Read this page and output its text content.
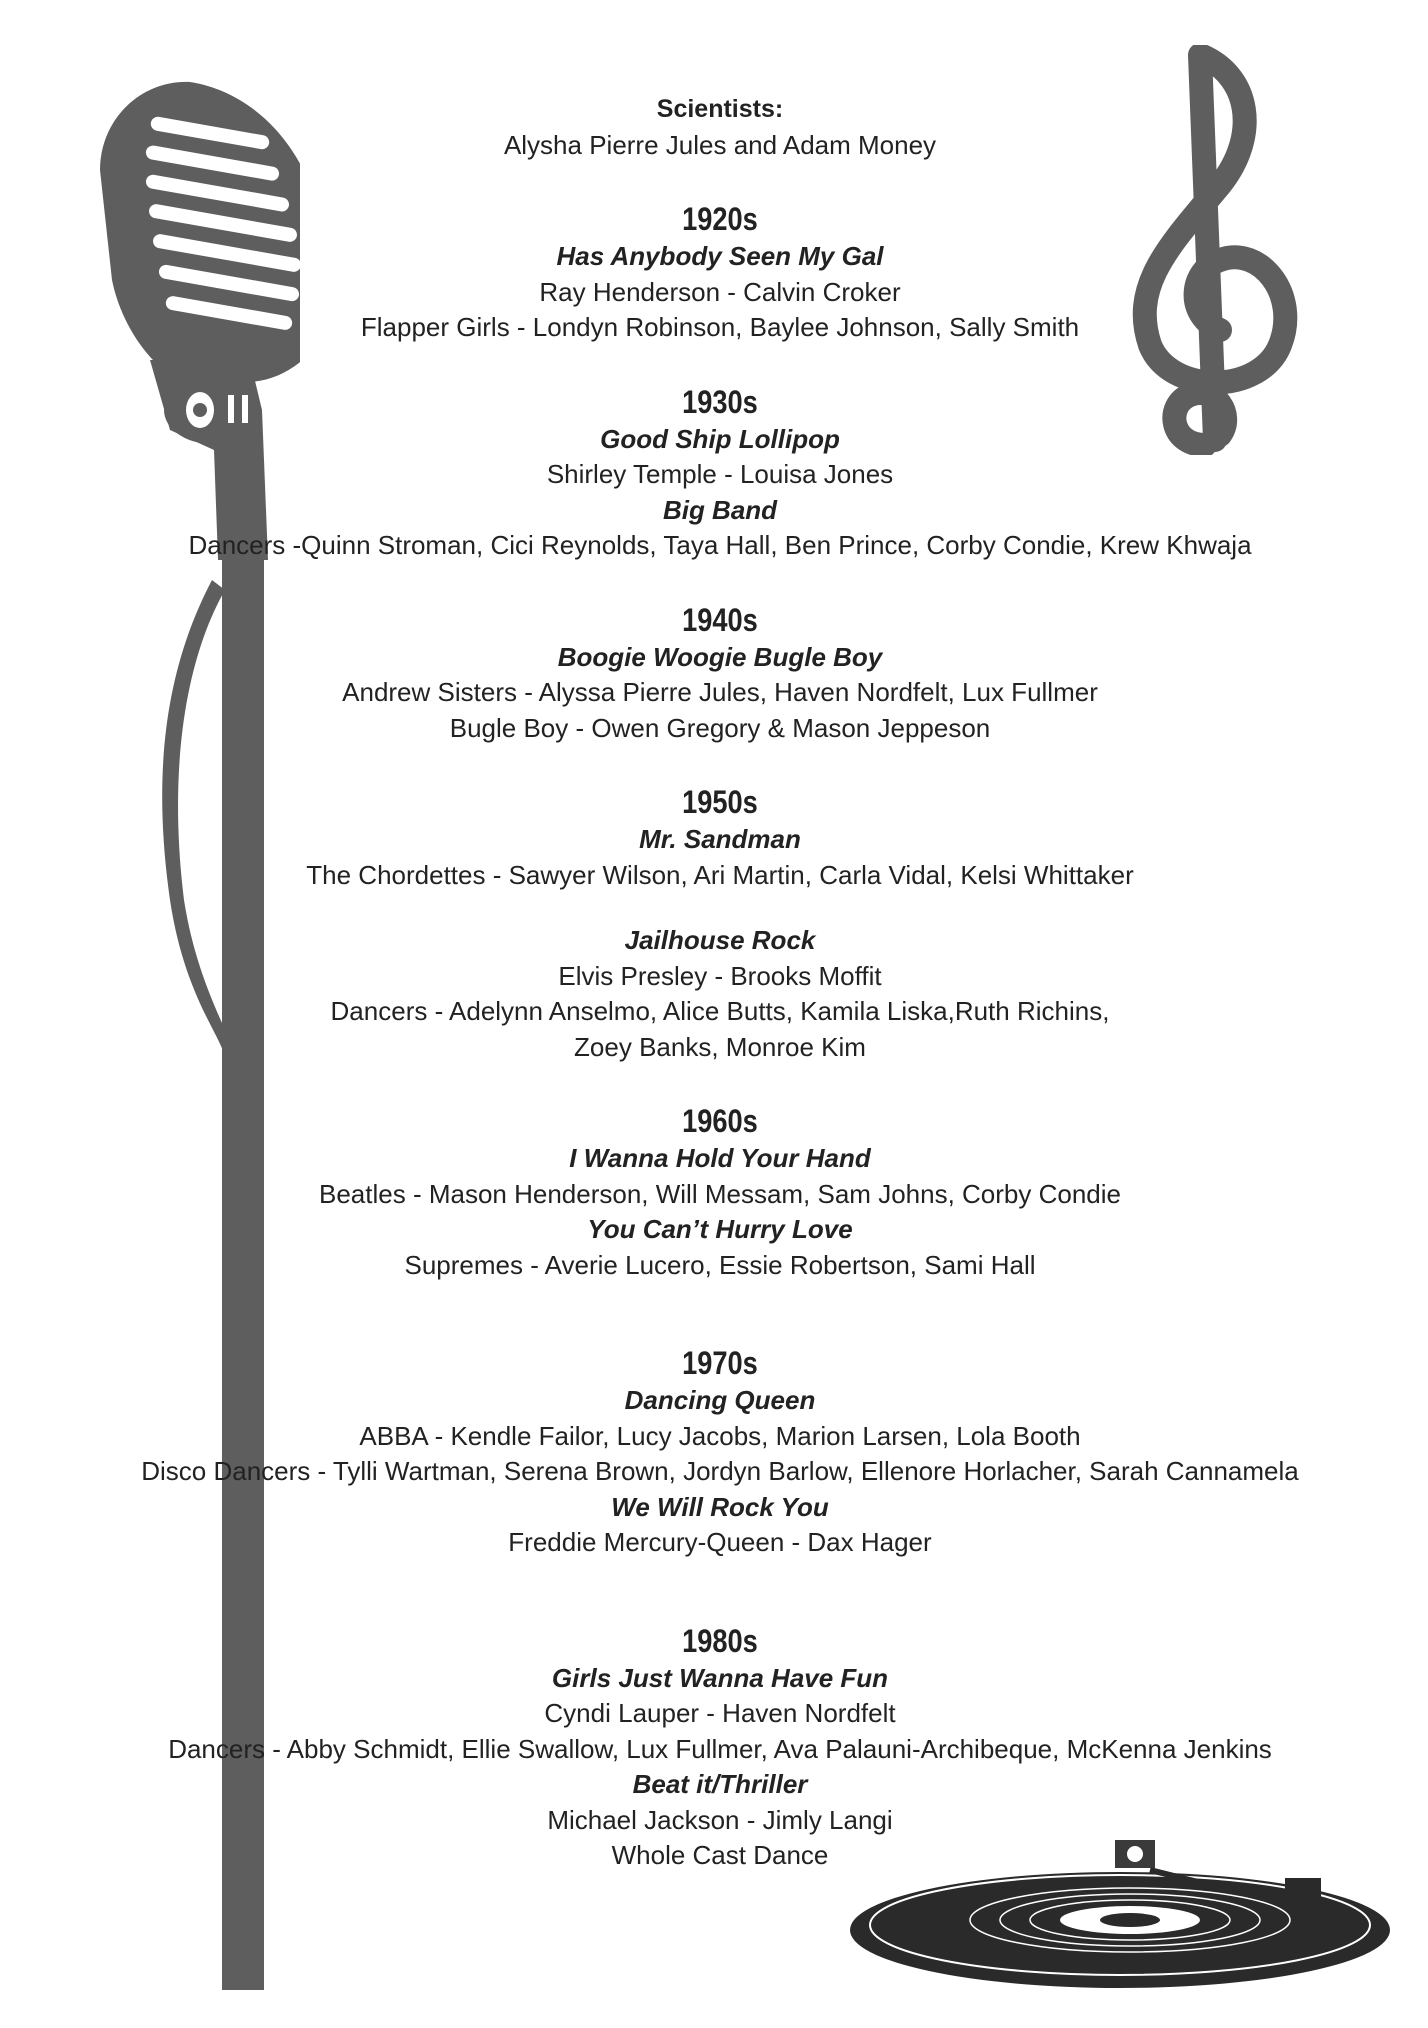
Scientists:

Alysha Pierre Jules and Adam Money

1920s

Has Anybody Seen My Gal

Ray Henderson - Calvin Croker

Flapper Girls - Londyn Robinson, Baylee Johnson, Sally Smith

1930s

Good Ship Lollipop

Shirley Temple - Louisa Jones

Big Band

Dancers -Quinn Stroman, Cici Reynolds, Taya Hall, Ben Prince, Corby Condie, Krew Khwaja

1940s

Boogie Woogie Bugle Boy

Andrew Sisters - Alyssa Pierre Jules, Haven Nordfelt, Lux Fullmer

Bugle Boy - Owen Gregory & Mason Jeppeson

1950s

Mr. Sandman

The Chordettes - Sawyer Wilson, Ari Martin, Carla Vidal, Kelsi Whittaker

Jailhouse Rock

Elvis Presley - Brooks Moffit

Dancers - Adelynn Anselmo, Alice Butts, Kamila Liska,Ruth Richins,

Zoey Banks, Monroe Kim

1960s

I Wanna Hold Your Hand

Beatles - Mason Henderson, Will Messam, Sam Johns, Corby Condie

You Can’t Hurry Love

Supremes - Averie Lucero, Essie Robertson, Sami Hall

1970s

Dancing Queen

ABBA - Kendle Failor, Lucy Jacobs, Marion Larsen, Lola Booth

Disco Dancers - Tylli Wartman, Serena Brown, Jordyn Barlow, Ellenore Horlacher, Sarah Cannamela

We Will Rock You

Freddie Mercury-Queen - Dax Hager

1980s

Girls Just Wanna Have Fun

Cyndi Lauper - Haven Nordfelt

Dancers - Abby Schmidt, Ellie Swallow, Lux Fullmer, Ava Palauni-Archibeque, McKenna Jenkins

Beat it/Thriller

Michael Jackson - Jimly Langi

Whole Cast Dance
